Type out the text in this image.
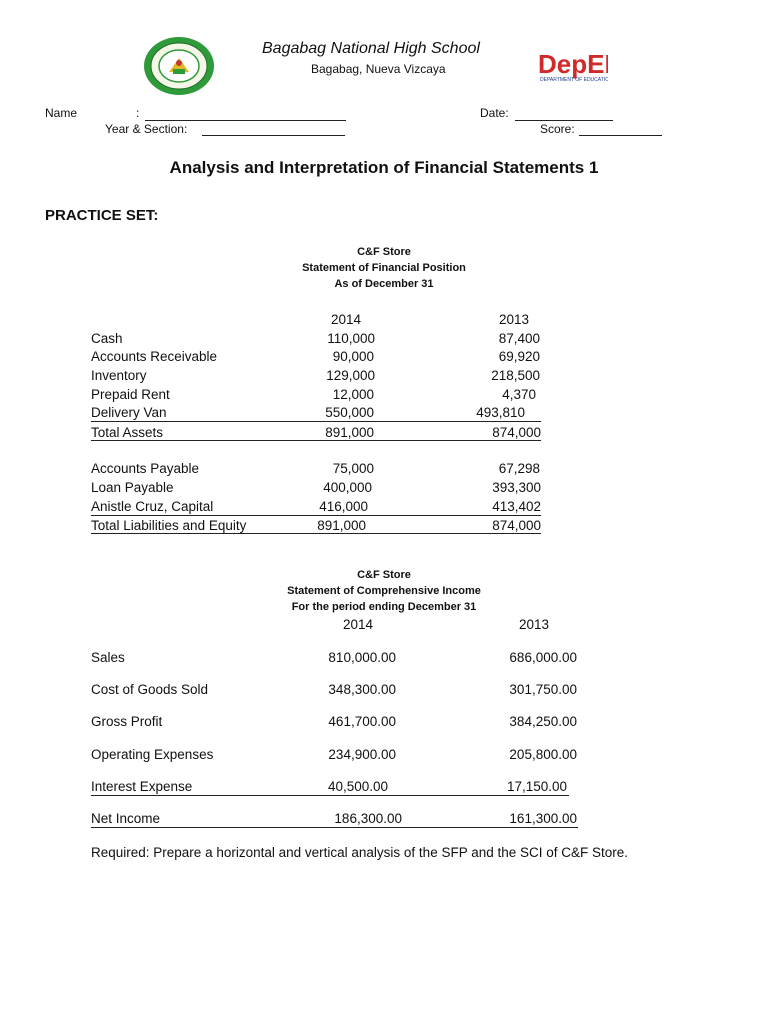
Bagabag National High School
Bagabag, Nueva Vizcaya	DepE
DEPARTMENT OF EDUCATION
Name	:	Date:
Year & Section:	Score:
Analysis and Interpretation of Financial Statements 1
PRACTICE SET:
C&F Store
Statement of Financial Position
As of December 31
2014	2013
Cash	110,000	87,400
Accounts Receivable	90,000	69,920
Inventory	129,000	218,500
Prepaid Rent	12,000	4,370
Delivery Van	550,000	493,810
Total Assets	891,000	874,000
Accounts Payable	75,000	67,298
Loan Payable	400,000	393,300
Anistle Cruz, Capital	416,000	413,402
Total Liabilities and Equity	891,000	874,000
C&F Store
Statement of Comprehensive Income
For the period ending December 31
2014	2013
Sales	810,000.00	686,000.00
Cost of Goods Sold	348,300.00	301,750.00
Gross Profit	461,700.00	384,250.00
Operating Expenses	234,900.00	205,800.00
Interest Expense	40,500.00	17,150.00
Net Income	186,300.00	161,300.00
Required: Prepare a horizontal and vertical analysis of the SFP and the SCI of C&F Store.
